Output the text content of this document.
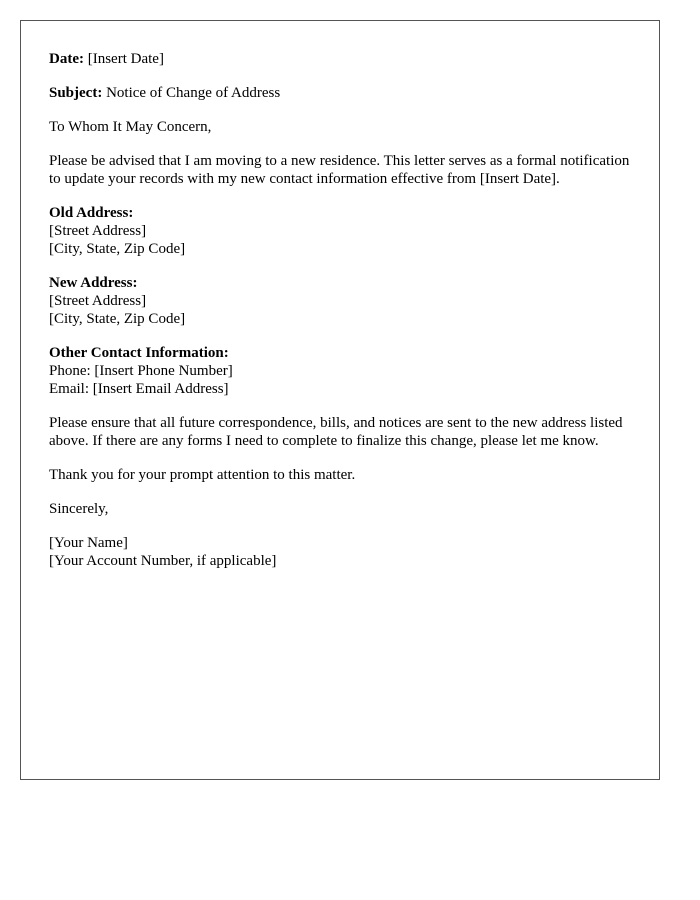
Date: [Insert Date]

Subject: Notice of Change of Address

To Whom It May Concern,

Please be advised that I am moving to a new residence. This letter serves as a formal notification to update your records with my new contact information effective from [Insert Date].

Old Address:
[Street Address]
[City, State, Zip Code]
New Address:
[Street Address]
[City, State, Zip Code]
Other Contact Information:
Phone: [Insert Phone Number]
Email: [Insert Email Address]

Please ensure that all future correspondence, bills, and notices are sent to the new address listed above. If there are any forms I need to complete to finalize this change, please let me know.

Thank you for your prompt attention to this matter.

Sincerely,

[Your Name]
[Your Account Number, if applicable]
